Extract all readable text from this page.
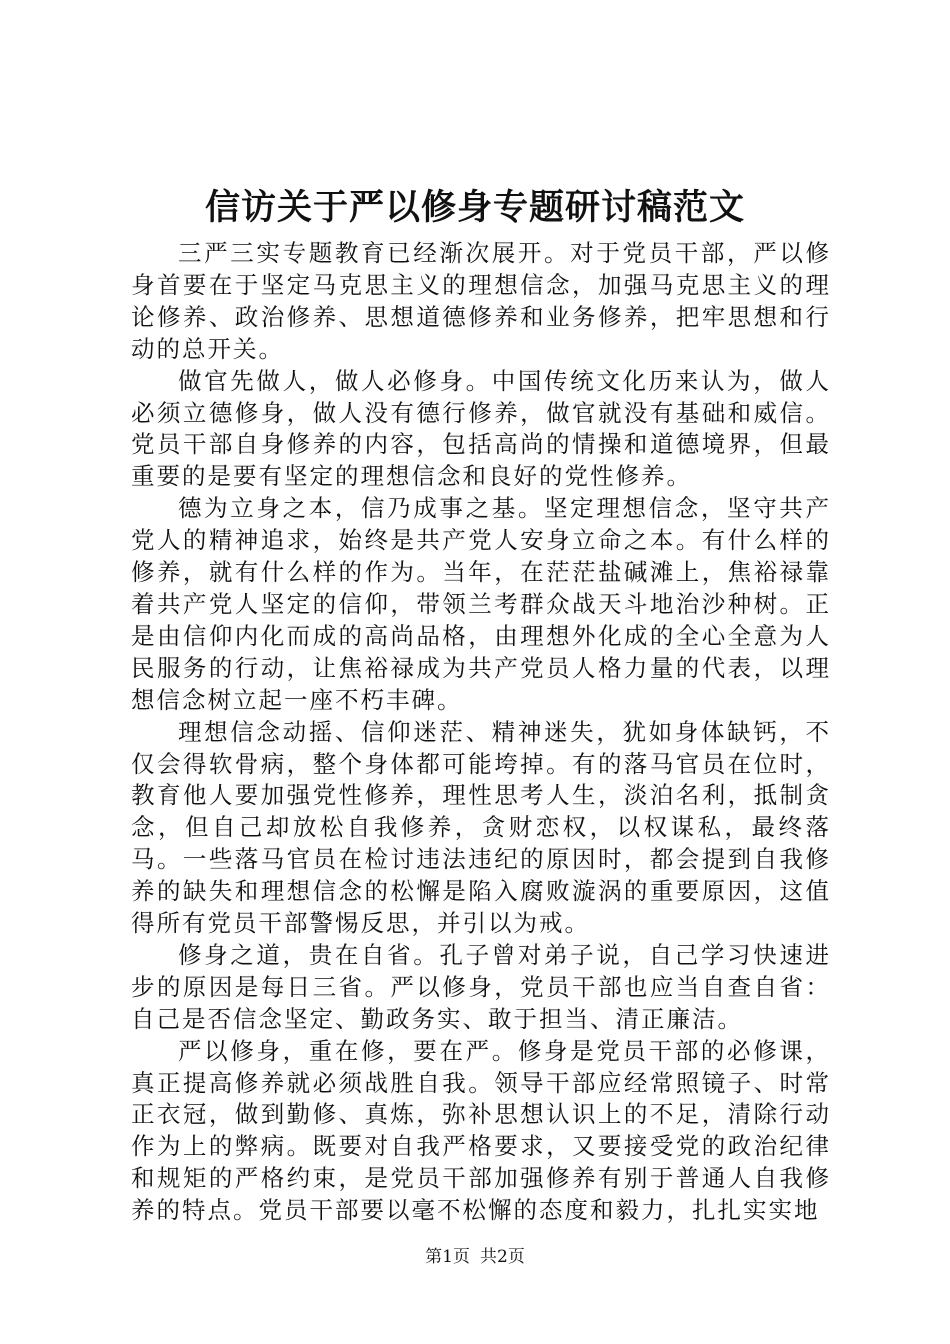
信访关于严以修身专题研讨稿范文

三严三实专题教育已经渐次展开。对于党员干部，严以修身首要在于坚定马克思主义的理想信念，加强马克思主义的理论修养、政治修养、思想道德修养和业务修养，把牢思想和行动的总开关。

做官先做人，做人必修身。中国传统文化历来认为，做人必须立德修身，做人没有德行修养，做官就没有基础和威信。党员干部自身修养的内容，包括高尚的情操和道德境界，但最重要的是要有坚定的理想信念和良好的党性修养。

德为立身之本，信乃成事之基。坚定理想信念，坚守共产党人的精神追求，始终是共产党人安身立命之本。有什么样的修养，就有什么样的作为。当年，在茫茫盐碱滩上，焦裕禄靠着共产党人坚定的信仰，带领兰考群众战天斗地治沙种树。正是由信仰内化而成的高尚品格，由理想外化成的全心全意为人民服务的行动，让焦裕禄成为共产党员人格力量的代表，以理想信念树立起一座不朽丰碑。

理想信念动摇、信仰迷茫、精神迷失，犹如身体缺钙，不仅会得软骨病，整个身体都可能垮掉。有的落马官员在位时，教育他人要加强党性修养，理性思考人生，淡泊名利，抵制贪念，但自己却放松自我修养，贪财恋权，以权谋私，最终落马。一些落马官员在检讨违法违纪的原因时，都会提到自我修养的缺失和理想信念的松懈是陷入腐败漩涡的重要原因，这值得所有党员干部警惕反思，并引以为戒。

修身之道，贵在自省。孔子曾对弟子说，自己学习快速进步的原因是每日三省。严以修身，党员干部也应当自查自省：自己是否信念坚定、勤政务实、敢于担当、清正廉洁。

严以修身，重在修，要在严。修身是党员干部的必修课，真正提高修养就必须战胜自我。领导干部应经常照镜子、时常正衣冠，做到勤修、真炼，弥补思想认识上的不足，清除行动作为上的弊病。既要对自我严格要求，又要接受党的政治纪律和规矩的严格约束，是党员干部加强修养有别于普通人自我修养的特点。党员干部要以毫不松懈的态度和毅力，扎扎实实地

第1页 共2页
